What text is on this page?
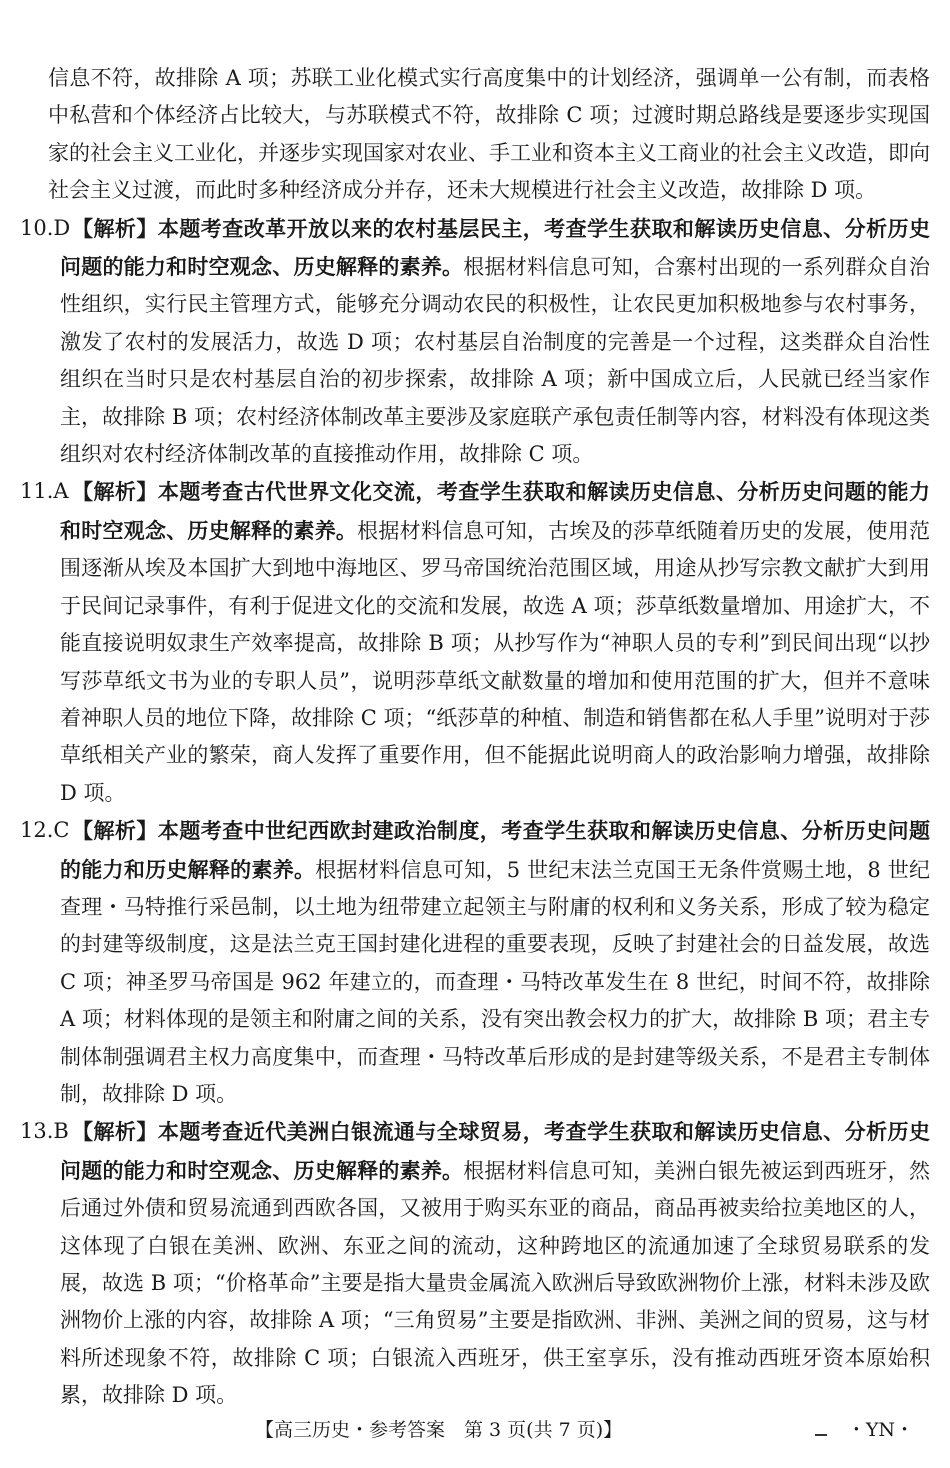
信息不符，故排除 A 项；苏联工业化模式实行高度集中的计划经济，强调单一公有制，而表格中私营和个体经济占比较大，与苏联模式不符，故排除 C 项；过渡时期总路线是要逐步实现国家的社会主义工业化，并逐步实现国家对农业、手工业和资本主义工商业的社会主义改造，即向社会主义过渡，而此时多种经济成分并存，还未大规模进行社会主义改造，故排除 D 项。

10.D 【解析】本题考查改革开放以来的农村基层民主，考查学生获取和解读历史信息、分析历史问题的能力和时空观念、历史解释的素养。根据材料信息可知，合寨村出现的一系列群众自治性组织，实行民主管理方式，能够充分调动农民的积极性，让农民更加积极地参与农村事务，激发了农村的发展活力，故选 D 项；农村基层自治制度的完善是一个过程，这类群众自治性组织在当时只是农村基层自治的初步探索，故排除 A 项；新中国成立后，人民就已经当家作主，故排除 B 项；农村经济体制改革主要涉及家庭联产承包责任制等内容，材料没有体现这类组织对农村经济体制改革的直接推动作用，故排除 C 项。

11.A 【解析】本题考查古代世界文化交流，考查学生获取和解读历史信息、分析历史问题的能力和时空观念、历史解释的素养。根据材料信息可知，古埃及的莎草纸随着历史的发展，使用范围逐渐从埃及本国扩大到地中海地区、罗马帝国统治范围区域，用途从抄写宗教文献扩大到用于民间记录事件，有利于促进文化的交流和发展，故选 A 项；莎草纸数量增加、用途扩大，不能直接说明奴隶生产效率提高，故排除 B 项；从抄写作为“神职人员的专利”到民间出现“以抄写莎草纸文书为业的专职人员”，说明莎草纸文献数量的增加和使用范围的扩大，但并不意味着神职人员的地位下降，故排除 C 项；“纸莎草的种植、制造和销售都在私人手里”说明对于莎草纸相关产业的繁荣，商人发挥了重要作用，但不能据此说明商人的政治影响力增强，故排除 D 项。

12.C 【解析】本题考查中世纪西欧封建政治制度，考查学生获取和解读历史信息、分析历史问题的能力和历史解释的素养。根据材料信息可知，5 世纪末法兰克国王无条件赏赐土地，8 世纪查理・马特推行采邑制，以土地为纽带建立起领主与附庸的权利和义务关系，形成了较为稳定的封建等级制度，这是法兰克王国封建化进程的重要表现，反映了封建社会的日益发展，故选 C 项；神圣罗马帝国是 962 年建立的，而查理・马特改革发生在 8 世纪，时间不符，故排除 A 项；材料体现的是领主和附庸之间的关系，没有突出教会权力的扩大，故排除 B 项；君主专制体制强调君主权力高度集中，而查理・马特改革后形成的是封建等级关系，不是君主专制体制，故排除 D 项。

13.B 【解析】本题考查近代美洲白银流通与全球贸易，考查学生获取和解读历史信息、分析历史问题的能力和时空观念、历史解释的素养。根据材料信息可知，美洲白银先被运到西班牙，然后通过外债和贸易流通到西欧各国，又被用于购买东亚的商品，商品再被卖给拉美地区的人，这体现了白银在美洲、欧洲、东亚之间的流动，这种跨地区的流通加速了全球贸易联系的发展，故选 B 项；“价格革命”主要是指大量贵金属流入欧洲后导致欧洲物价上涨，材料未涉及欧洲物价上涨的内容，故排除 A 项；“三角贸易”主要是指欧洲、非洲、美洲之间的贸易，这与材料所述现象不符，故排除 C 项；白银流入西班牙，供王室享乐，没有推动西班牙资本原始积累，故排除 D 项。

【高三历史・参考答案　第 3 页(共 7 页)】	・YN・
